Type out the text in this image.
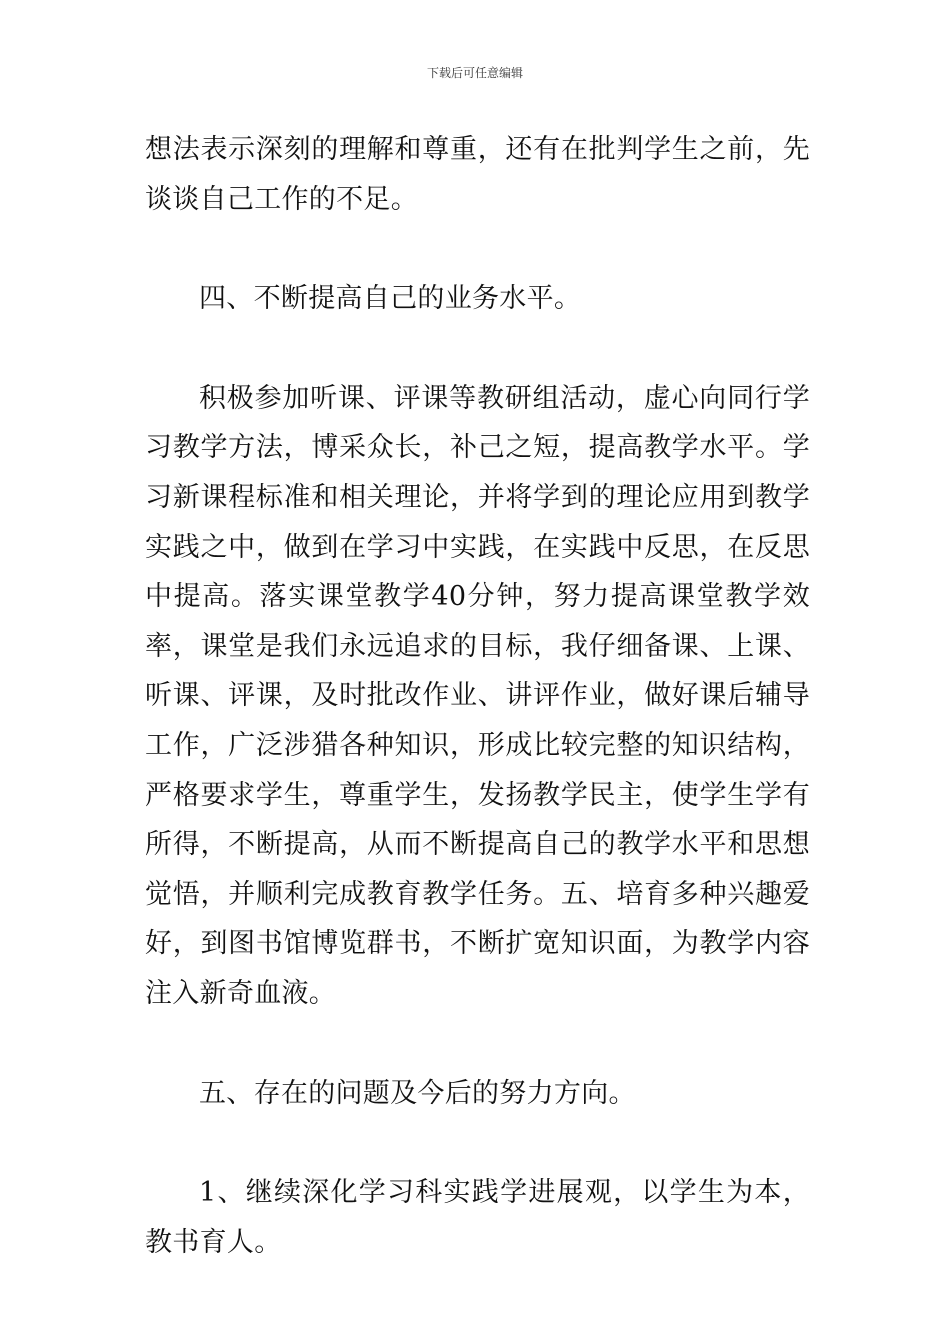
下载后可任意编辑

想法表示深刻的理解和尊重，还有在批判学生之前，先谈谈自己工作的不足。

四、不断提高自己的业务水平。

积极参加听课、评课等教研组活动，虚心向同行学习教学方法，博采众长，补己之短，提高教学水平。学习新课程标准和相关理论，并将学到的理论应用到教学实践之中，做到在学习中实践，在实践中反思，在反思中提高。落实课堂教学40分钟，努力提高课堂教学效率，课堂是我们永远追求的目标，我仔细备课、上课、听课、评课，及时批改作业、讲评作业，做好课后辅导工作，广泛涉猎各种知识，形成比较完整的知识结构，严格要求学生，尊重学生，发扬教学民主，使学生学有所得，不断提高，从而不断提高自己的教学水平和思想觉悟，并顺利完成教育教学任务。五、培育多种兴趣爱好，到图书馆博览群书，不断扩宽知识面，为教学内容注入新奇血液。

五、存在的问题及今后的努力方向。

1、继续深化学习科实践学进展观，以学生为本，教书育人。
